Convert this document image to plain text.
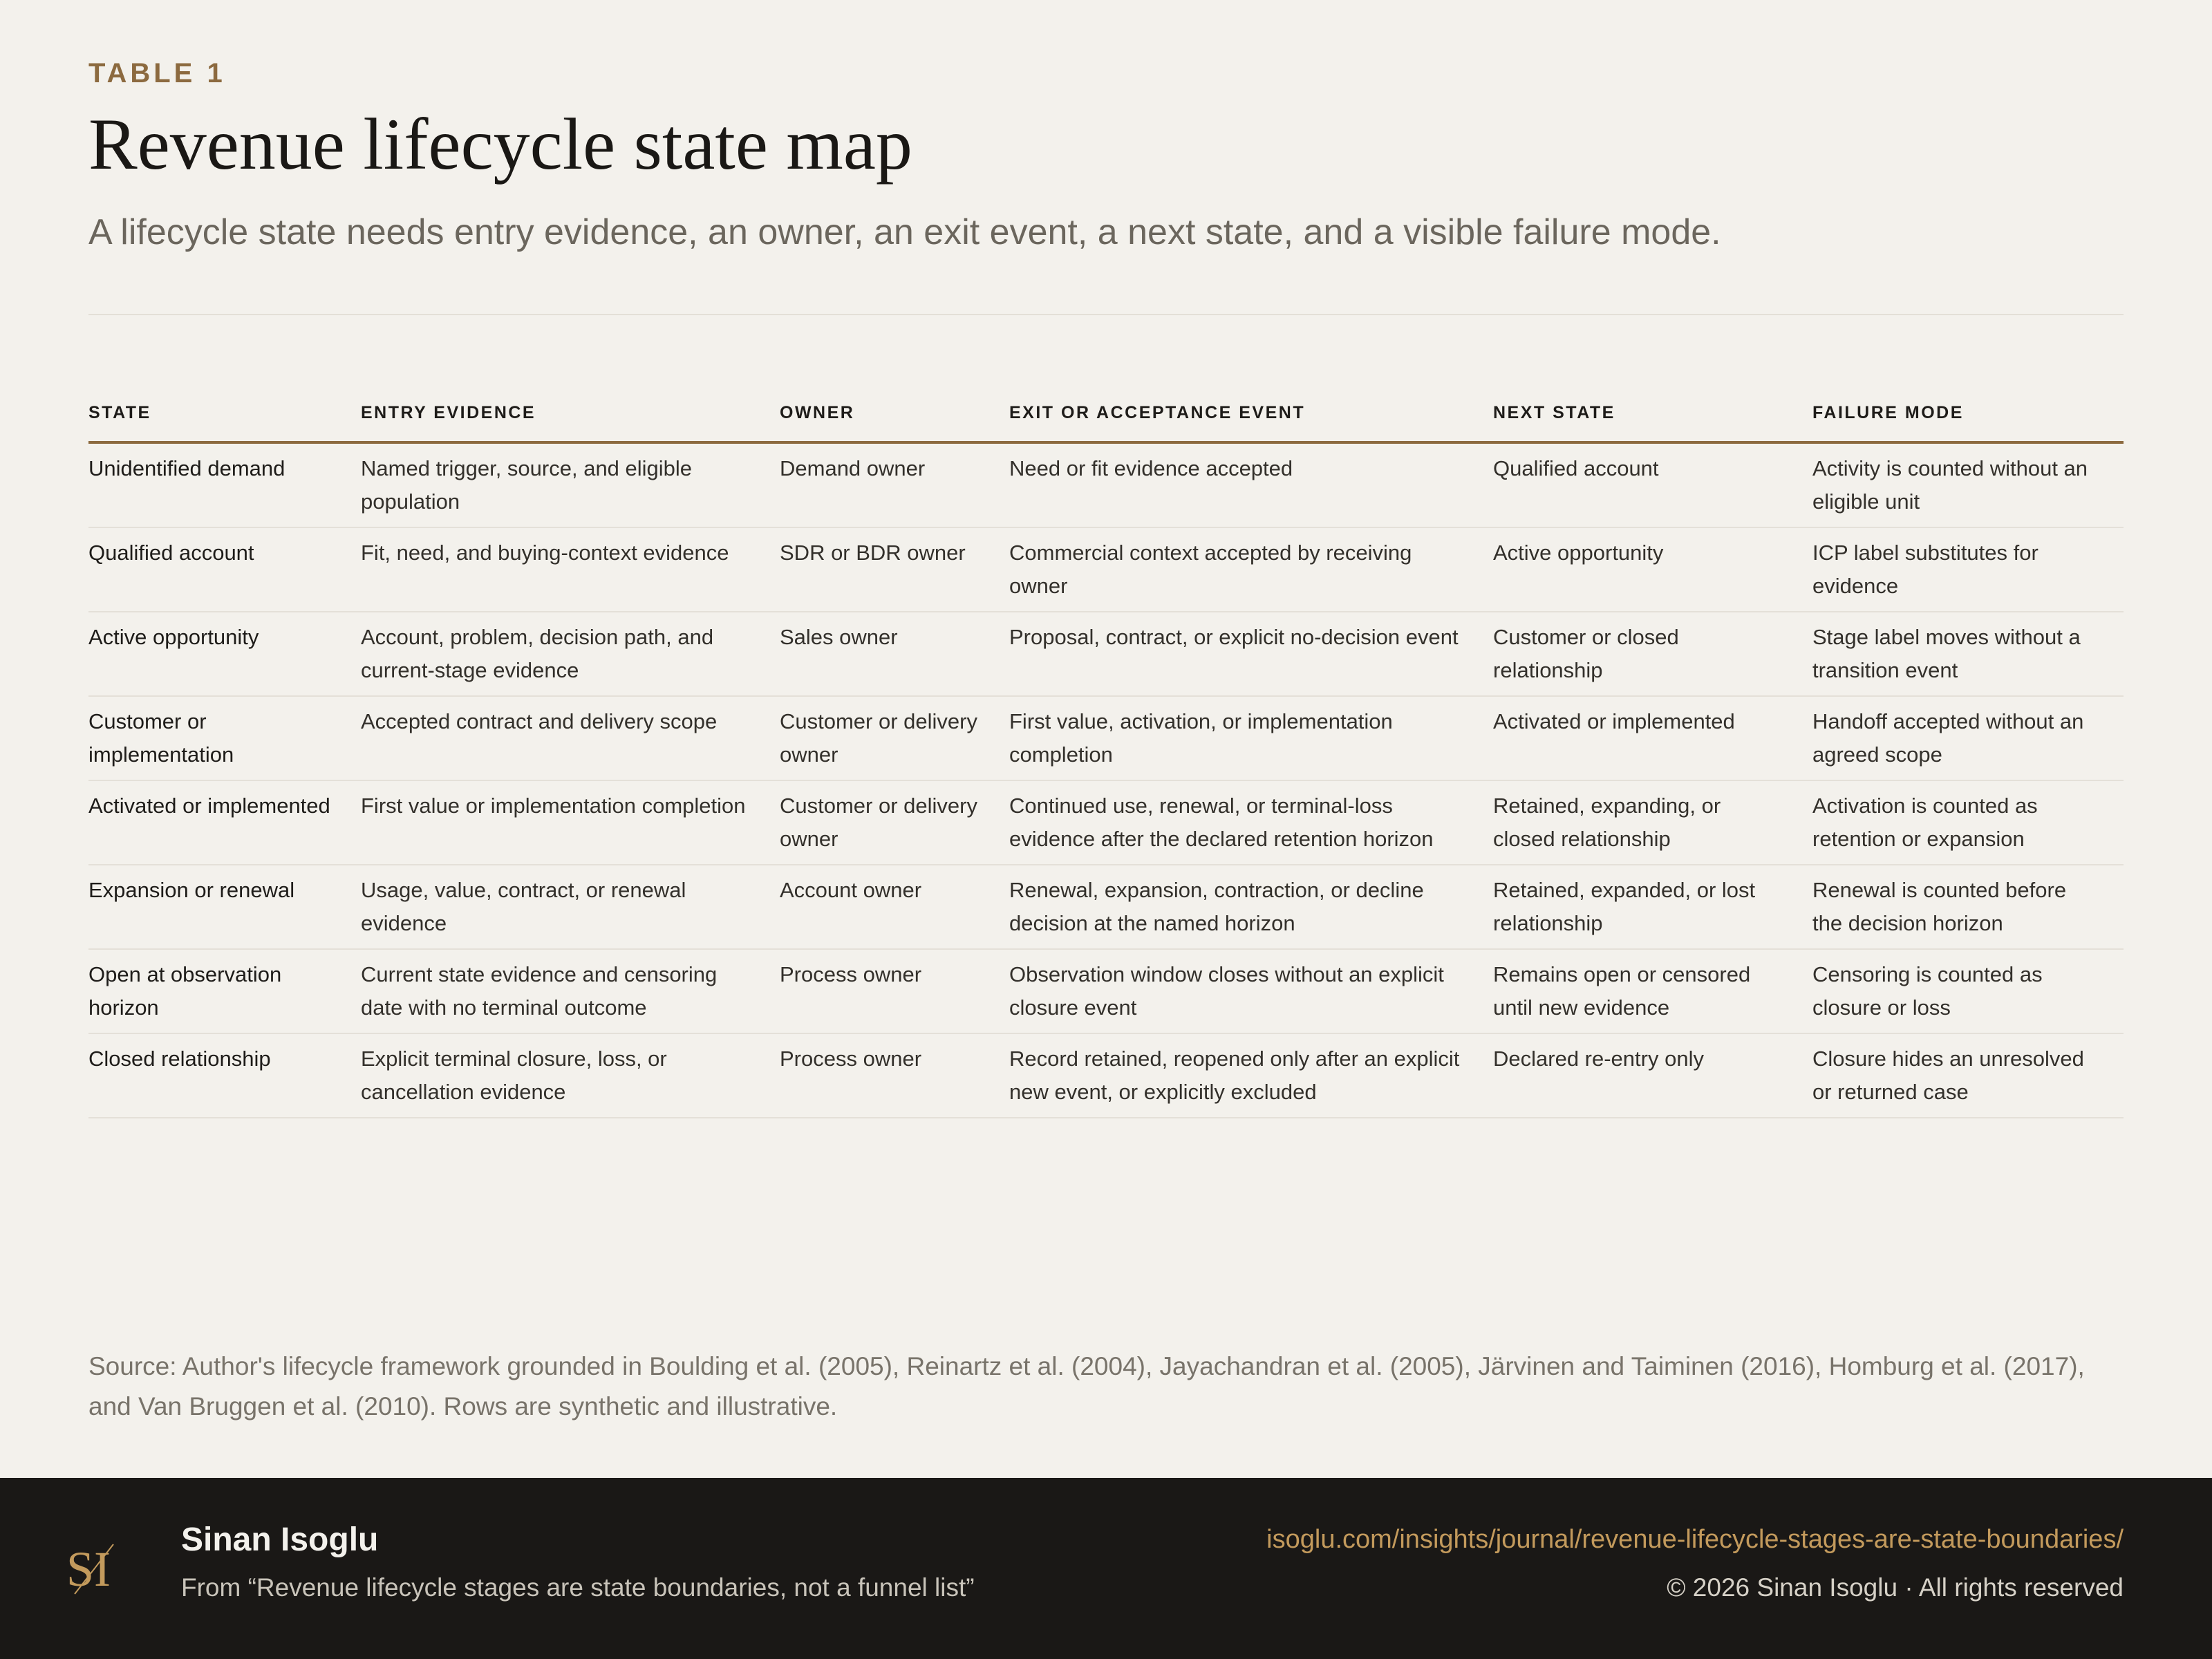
TABLE 1
Revenue lifecycle state map
A lifecycle state needs entry evidence, an owner, an exit event, a next state, and a visible failure mode.
STATE	ENTRY EVIDENCE	OWNER	EXIT OR ACCEPTANCE EVENT	NEXT STATE	FAILURE MODE
Unidentified demand	Named trigger, source, and eligible population	Demand owner	Need or fit evidence accepted	Qualified account	Activity is counted without an eligible unit
Qualified account	Fit, need, and buying-context evidence	SDR or BDR owner	Commercial context accepted by receiving owner	Active opportunity	ICP label substitutes for evidence
Active opportunity	Account, problem, decision path, and current-stage evidence	Sales owner	Proposal, contract, or explicit no-decision event	Customer or closed relationship	Stage label moves without a transition event
Customer or implementation	Accepted contract and delivery scope	Customer or delivery owner	First value, activation, or implementation completion	Activated or implemented	Handoff accepted without an agreed scope
Activated or implemented	First value or implementation completion	Customer or delivery owner	Continued use, renewal, or terminal-loss evidence after the declared retention horizon	Retained, expanding, or closed relationship	Activation is counted as retention or expansion
Expansion or renewal	Usage, value, contract, or renewal evidence	Account owner	Renewal, expansion, contraction, or decline decision at the named horizon	Retained, expanded, or lost relationship	Renewal is counted before the decision horizon
Open at observation horizon	Current state evidence and censoring date with no terminal outcome	Process owner	Observation window closes without an explicit closure event	Remains open or censored until new evidence	Censoring is counted as closure or loss
Closed relationship	Explicit terminal closure, loss, or cancellation evidence	Process owner	Record retained, reopened only after an explicit new event, or explicitly excluded	Declared re-entry only	Closure hides an unresolved or returned case
Source: Author's lifecycle framework grounded in Boulding et al. (2005), Reinartz et al. (2004), Jayachandran et al. (2005), Järvinen and Taiminen (2016), Homburg et al. (2017), and Van Bruggen et al. (2010). Rows are synthetic and illustrative.
SI
Sinan Isoglu
From “Revenue lifecycle stages are state boundaries, not a funnel list”
isoglu.com/insights/journal/revenue-lifecycle-stages-are-state-boundaries/
© 2026 Sinan Isoglu · All rights reserved
